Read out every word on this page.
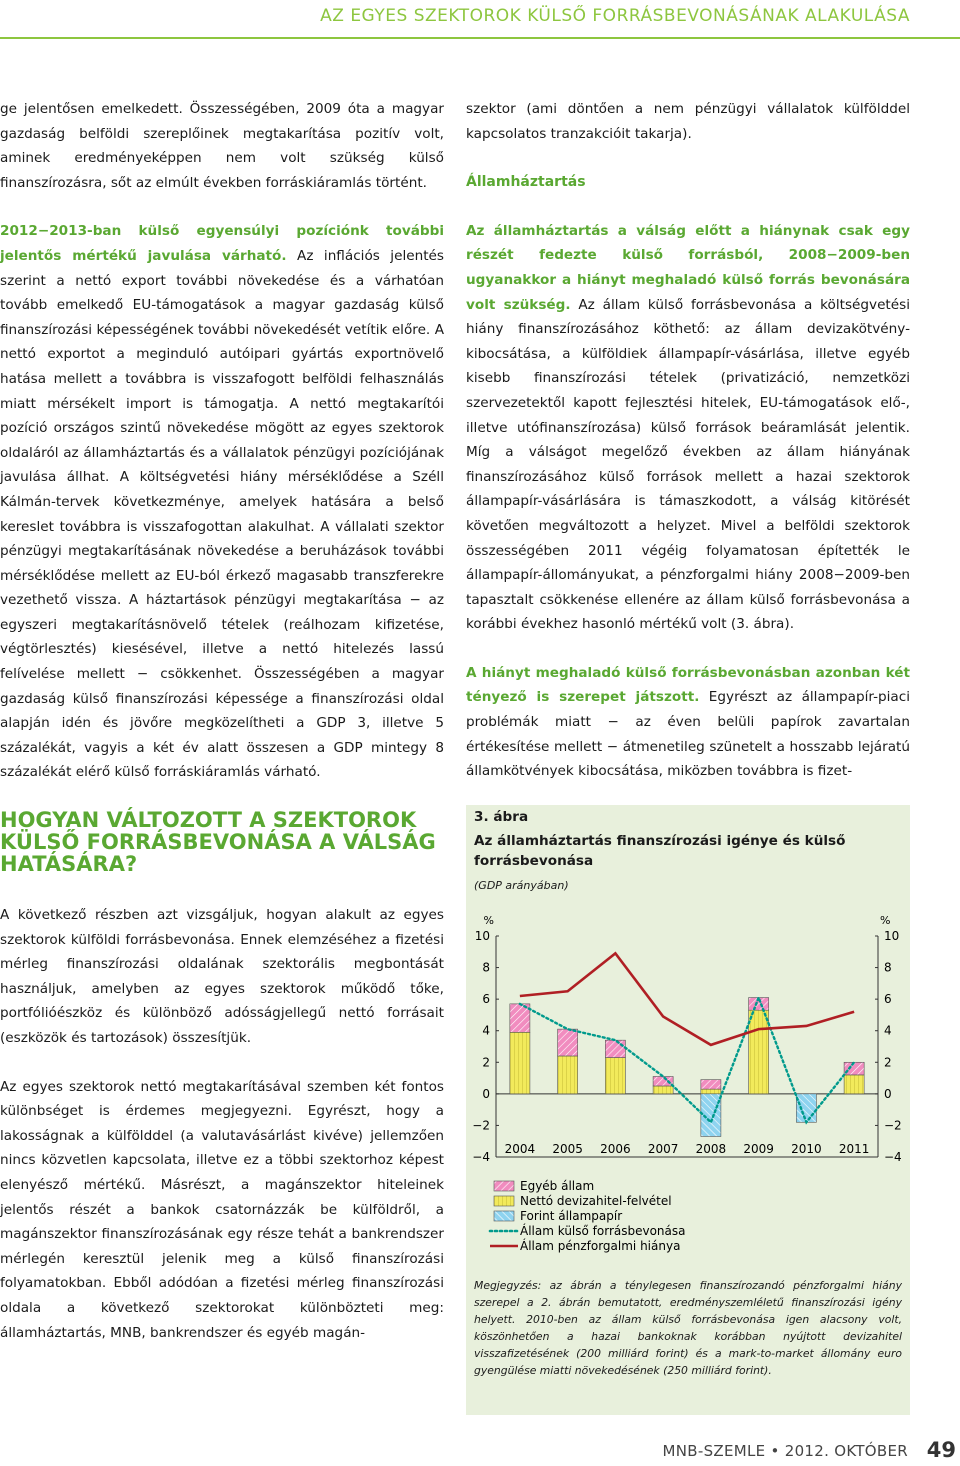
AZ EGYES SZEKTOROK KÜLSŐ FORRÁSBEVONÁSÁNAK ALAKULÁSA

ge jelentősen emelkedett. Összességében, 2009 óta a magyar gazdaság belföldi szereplőinek megtakarítása pozitív volt, aminek eredményeképpen nem volt szükség külső finanszírozásra, sőt az elmúlt években forráskiáramlás történt.

2012−2013-ban külső egyensúlyi pozíciónk további jelentős mértékű javulása várható. Az inflációs jelentés szerint a nettó export további növekedése és a várhatóan tovább emelkedő EU-támogatások a magyar gazdaság külső finanszírozási képességének további növekedését vetítik előre. A nettó exportot a meginduló autóipari gyártás exportnövelő hatása mellett a továbbra is visszafogott belföldi felhasználás miatt mérsékelt import is támogatja. A nettó megtakarítói pozíció országos szintű növekedése mögött az egyes szektorok oldaláról az államháztartás és a vállalatok pénzügyi pozíciójának javulása állhat. A költségvetési hiány mérséklődése a Széll Kálmán-tervek következménye, amelyek hatására a belső kereslet továbbra is visszafogottan alakulhat. A vállalati szektor pénzügyi megtakarításának növekedése a beruházások további mérséklődése mellett az EU-ból érkező magasabb transzferekre vezethető vissza. A háztartások pénzügyi megtakarítása − az egyszeri megtakarításnövelő tételek (reálhozam kifizetése, végtörlesztés) kiesésével, illetve a nettó hitelezés lassú felívelése mellett − csökkenhet. Összességében a magyar gazdaság külső finanszírozási képessége a finanszírozási oldal alapján idén és jövőre megközelítheti a GDP 3, illetve 5 százalékát, vagyis a két év alatt összesen a GDP mintegy 8 százalékát elérő külső forráskiáramlás várható.

HOGYAN VÁLTOZOTT A SZEKTOROK KÜLSŐ FORRÁSBEVONÁSA A VÁLSÁG HATÁSÁRA?

A következő részben azt vizsgáljuk, hogyan alakult az egyes szektorok külföldi forrásbevonása. Ennek elemzéséhez a fizetési mérleg finanszírozási oldalának szektorális megbontását használjuk, amelyben az egyes szektorok működő tőke, portfólióészköz és különböző adósságjellegű nettó forrásait (eszközök és tartozások) összesítjük.

Az egyes szektorok nettó megtakarításával szemben két fontos különbséget is érdemes megjegyezni. Egyrészt, hogy a lakosságnak a külfölddel (a valutavásárlást kivéve) jellemzően nincs közvetlen kapcsolata, illetve ez a többi szektorhoz képest elenyésző mértékű. Másrészt, a magánszektor hiteleinek jelentős részét a bankok csatornázzák be külföldről, a magánszektor finanszírozásának egy része tehát a bankrendszer mérlegén keresztül jelenik meg a külső finanszírozási folyamatokban. Ebből adódóan a fizetési mérleg finanszírozási oldala a következő szektorokat különbözteti meg: államháztartás, MNB, bankrendszer és egyéb magán-

szektor (ami döntően a nem pénzügyi vállalatok külfölddel kapcsolatos tranzakcióit takarja).

Államháztartás

Az államháztartás a válság előtt a hiánynak csak egy részét fedezte külső forrásból, 2008−2009-ben ugyanakkor a hiányt meghaladó külső forrás bevonására volt szükség. Az állam külső forrásbevonása a költségvetési hiány finanszírozásához köthető: az állam devizakötvény-kibocsátása, a külföldiek állampapír-vásárlása, illetve egyéb kisebb finanszírozási tételek (privatizáció, nemzetközi szervezetektől kapott fejlesztési hitelek, EU-támogatások elő-, illetve utófinanszírozása) külső források beáramlását jelentik. Míg a válságot megelőző években az állam hiányának finanszírozásához külső források mellett a hazai szektorok állampapír-vásárlására is támaszkodott, a válság kitörését követően megváltozott a helyzet. Mivel a belföldi szektorok összességében 2011 végéig folyamatosan építették le állampapír-állományukat, a pénzforgalmi hiány 2008−2009-ben tapasztalt csökkenése ellenére az állam külső forrásbevonása a korábbi évekhez hasonló mértékű volt (3. ábra).

A hiányt meghaladó külső forrásbevonásban azonban két tényező is szerepet játszott. Egyrészt az állampapír-piaci problémák miatt − az éven belüli papírok zavartalan értékesítése mellett − átmenetileg szünetelt a hosszabb lejáratú államkötvények kibocsátása, miközben továbbra is fizet-

3. ábra
Az államháztartás finanszírozási igénye és külső forrásbevonása
(GDP arányában)
%	%
10	10
8	8
6	6
4	4
2	2
0	0
−2	−2
−4	−4
2004 2005 2006 2007 2008 2009 2010 2011
Egyéb állam
Nettó devizahitel-felvétel
Forint állampapír
Állam külső forrásbevonása
Állam pénzforgalmi hiánya
Megjegyzés: az ábrán a ténylegesen finanszírozandó pénzforgalmi hiány szerepel a 2. ábrán bemutatott, eredményszemléletű finanszírozási igény helyett. 2010-ben az állam külső forrásbevonása igen alacsony volt, köszönhetően a hazai bankoknak korábban nyújtott devizahitel visszafizetésének (200 milliárd forint) és a mark-to-market állomány euro gyengülése miatti növekedésének (250 milliárd forint).
MNB-SZEMLE • 2012. OKTÓBER 49
